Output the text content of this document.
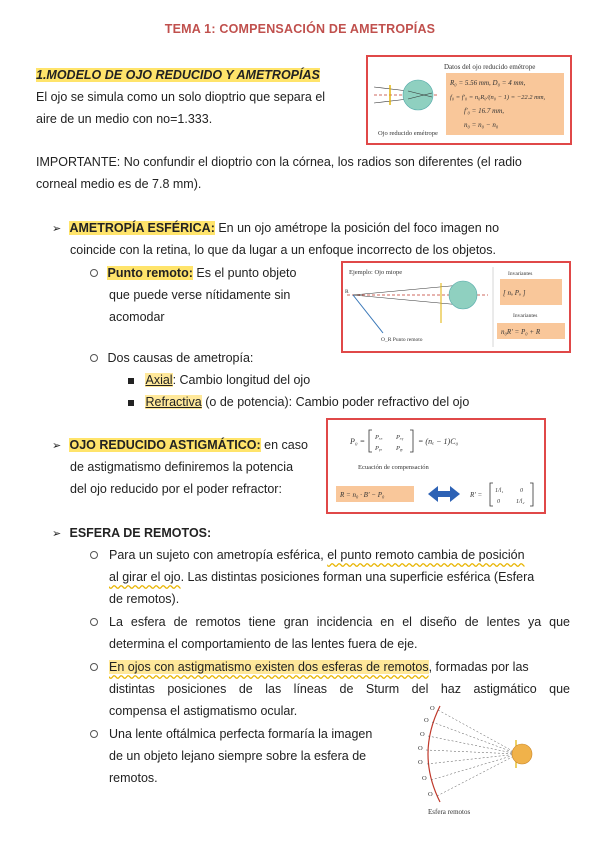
TEMA 1: COMPENSACIÓN DE AMETROPÍAS
1.MODELO DE OJO REDUCIDO Y AMETROPÍAS
El ojo se simula como un solo dioptrio que separa el
aire de un medio con no=1.333.
Ojo reducido emétrope
Datos del ojo reducido emétrope
R₀ = 5.56 mm, D₀ = 4 mm,
f₀ = f′₀ = n₀R₀/(n₀ − 1) = −22.2 mm,
f′₀ = 16.7 mm,
n₀ = n₀ − n₀
IMPORTANTE: No confundir el dioptrio con la córnea, los radios son diferentes (el radio
corneal medio es de 7.8 mm).
➢ AMETROPÍA ESFÉRICA: En un ojo amétrope la posición del foco imagen no
coincide con la retina, lo que da lugar a un enfoque incorrecto de los objetos.
Punto remoto: Es el punto objeto
que puede verse nítidamente sin
acomodar
Ejemplo: Ojo miope
R
O_R Punto remoto
Invariantes
[ nₒ Pₒ ]
Invariantes
n₀R′ = P₀ + R
Dos causas de ametropía:
Axial: Cambio longitud del ojo
Refractiva (o de potencia): Cambio poder refractivo del ojo
➢ OJO REDUCIDO ASTIGMÁTICO: en caso
de astigmatismo definiremos la potencia
del ojo reducido por el poder refractor:
P₀ = Pₓₓ Pₓᵧ
Pᵧₓ Pᵧᵧ
= (nₑ − 1)C₀
Ecuación de compensación
R = n₀ · B′ − P₀	R′ = 1/l₁	0
0	1/l₂
➢ ESFERA DE REMOTOS:
Para un sujeto con ametropía esférica, el punto remoto cambia de posición
al girar el ojo. Las distintas posiciones forman una superficie esférica (Esfera
de remotos).
La esfera de remotos tiene gran incidencia en el diseño de lentes ya que
determina el comportamiento de las lentes fuera de eje.
En ojos con astigmatismo existen dos esferas de remotos, formadas por las
distintas posiciones de las líneas de Sturm del haz astigmático que
compensa el astigmatismo ocular.
Una lente oftálmica perfecta formaría la imagen
de un objeto lejano siempre sobre la esfera de
remotos.
O
O
O
O
O
O
O
Esfera remotos
